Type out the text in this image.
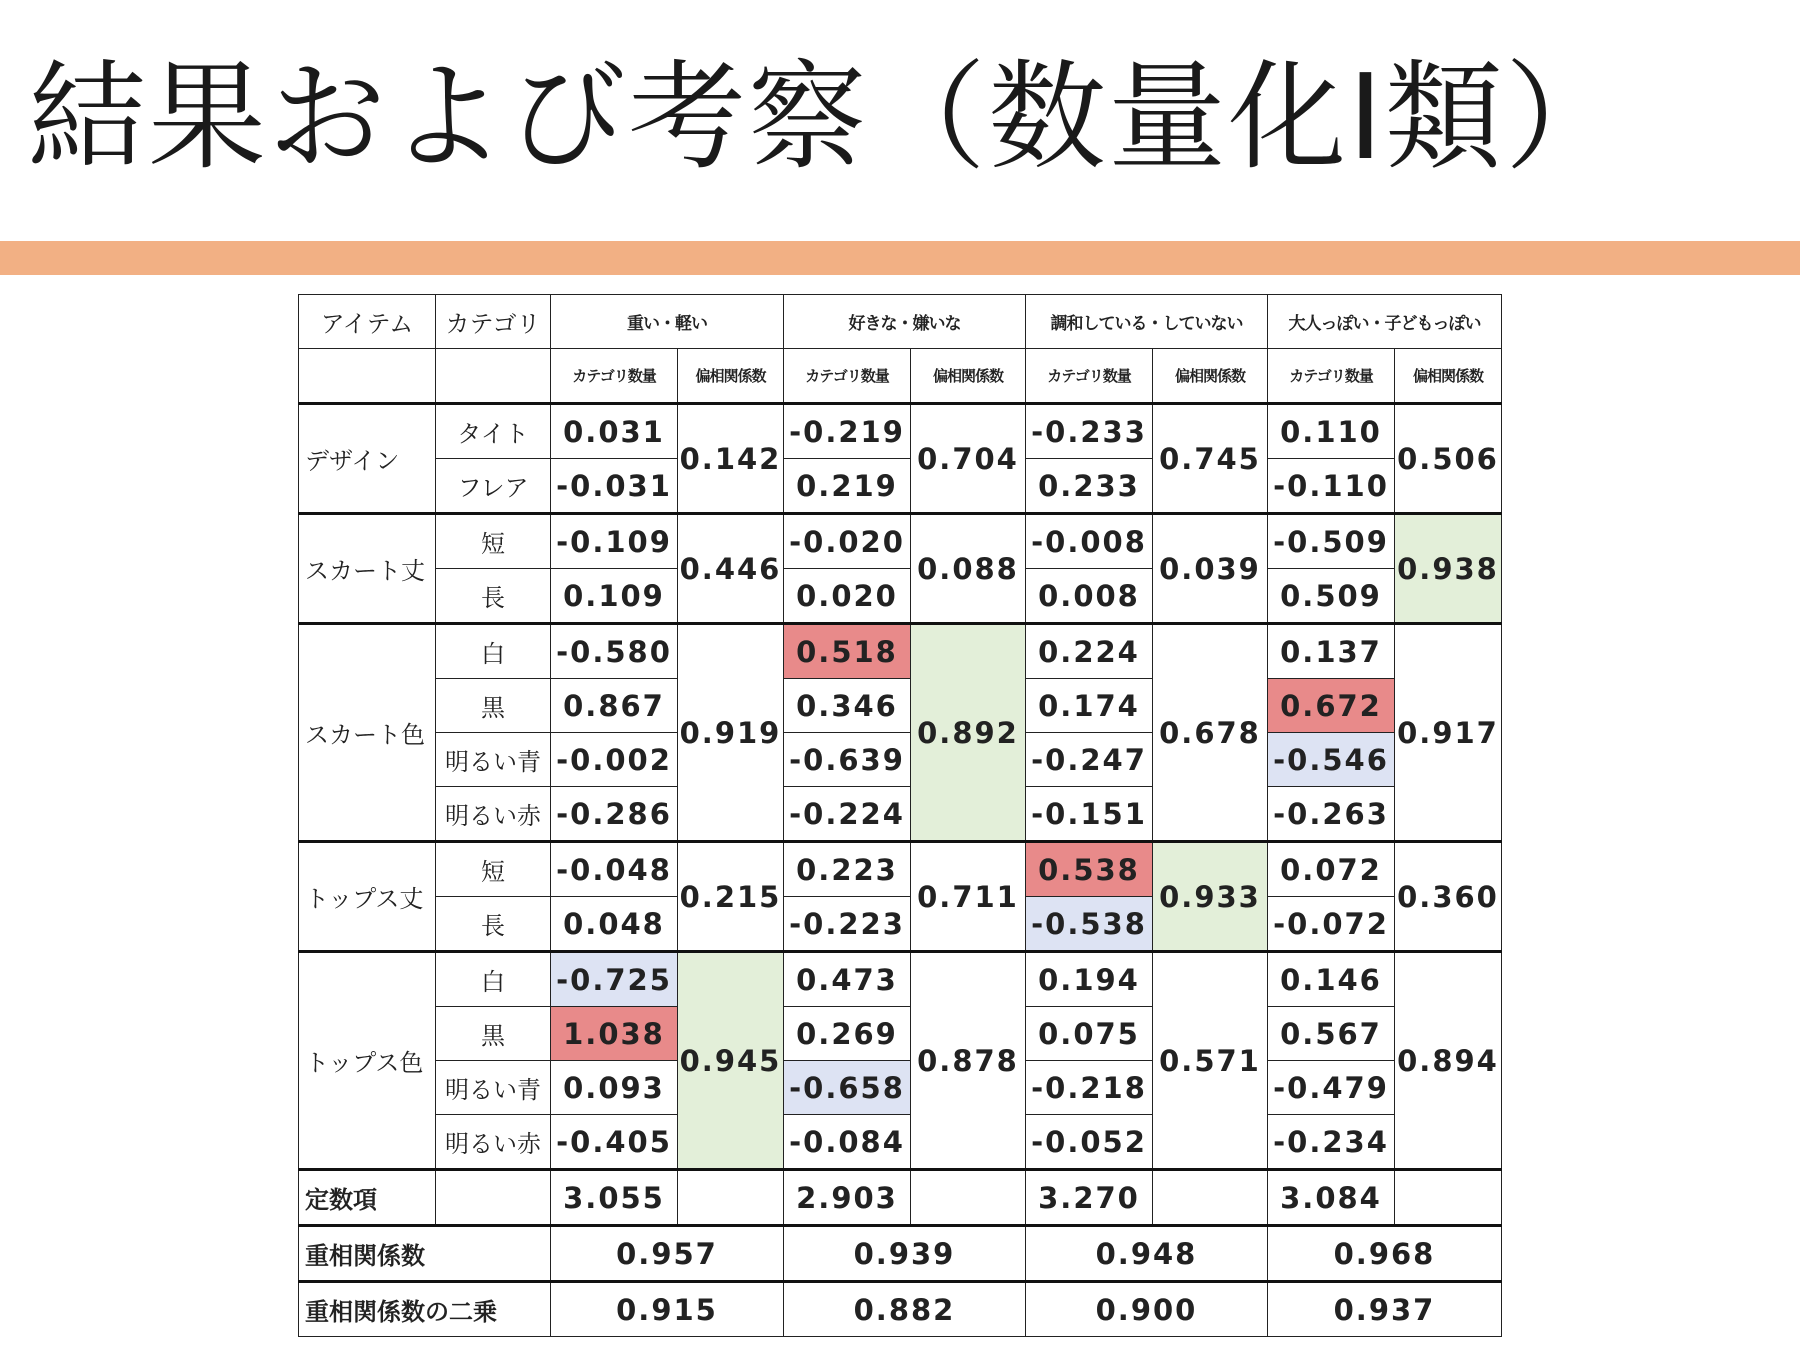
結果および考察（数量化Ⅰ類）
アイテム	カテゴリ	重い・軽い		好きな・嫌いな		調和している・していない		大人っぽい・子どもっぽい	
		カテゴリ数量	偏相関係数	カテゴリ数量	偏相関係数	カテゴリ数量	偏相関係数	カテゴリ数量	偏相関係数
デザイン	タイト	0.031	0.142	-0.219	0.704	-0.233	0.745	0.110	0.506
	フレア	-0.031		0.219		0.233		-0.110	
スカート丈	短	-0.109	0.446	-0.020	0.088	-0.008	0.039	-0.509	0.938
	長	0.109		0.020		0.008		0.509	
スカート色	白	-0.580	0.919	0.518	0.892	0.224	0.678	0.137	0.917
	黒	0.867		0.346		0.174		0.672	
	明るい青	-0.002		-0.639		-0.247		-0.546	
	明るい赤	-0.286		-0.224		-0.151		-0.263	
トップス丈	短	-0.048	0.215	0.223	0.711	0.538	0.933	0.072	0.360
	長	0.048		-0.223		-0.538		-0.072	
トップス色	白	-0.725	0.945	0.473	0.878	0.194	0.571	0.146	0.894
	黒	1.038		0.269		0.075		0.567	
	明るい青	0.093		-0.658		-0.218		-0.479	
	明るい赤	-0.405		-0.084		-0.052		-0.234	
定数項		3.055		2.903		3.270		3.084	
重相関係数		0.957		0.939		0.948		0.968	
重相関係数の二乗		0.915		0.882		0.900		0.937	
